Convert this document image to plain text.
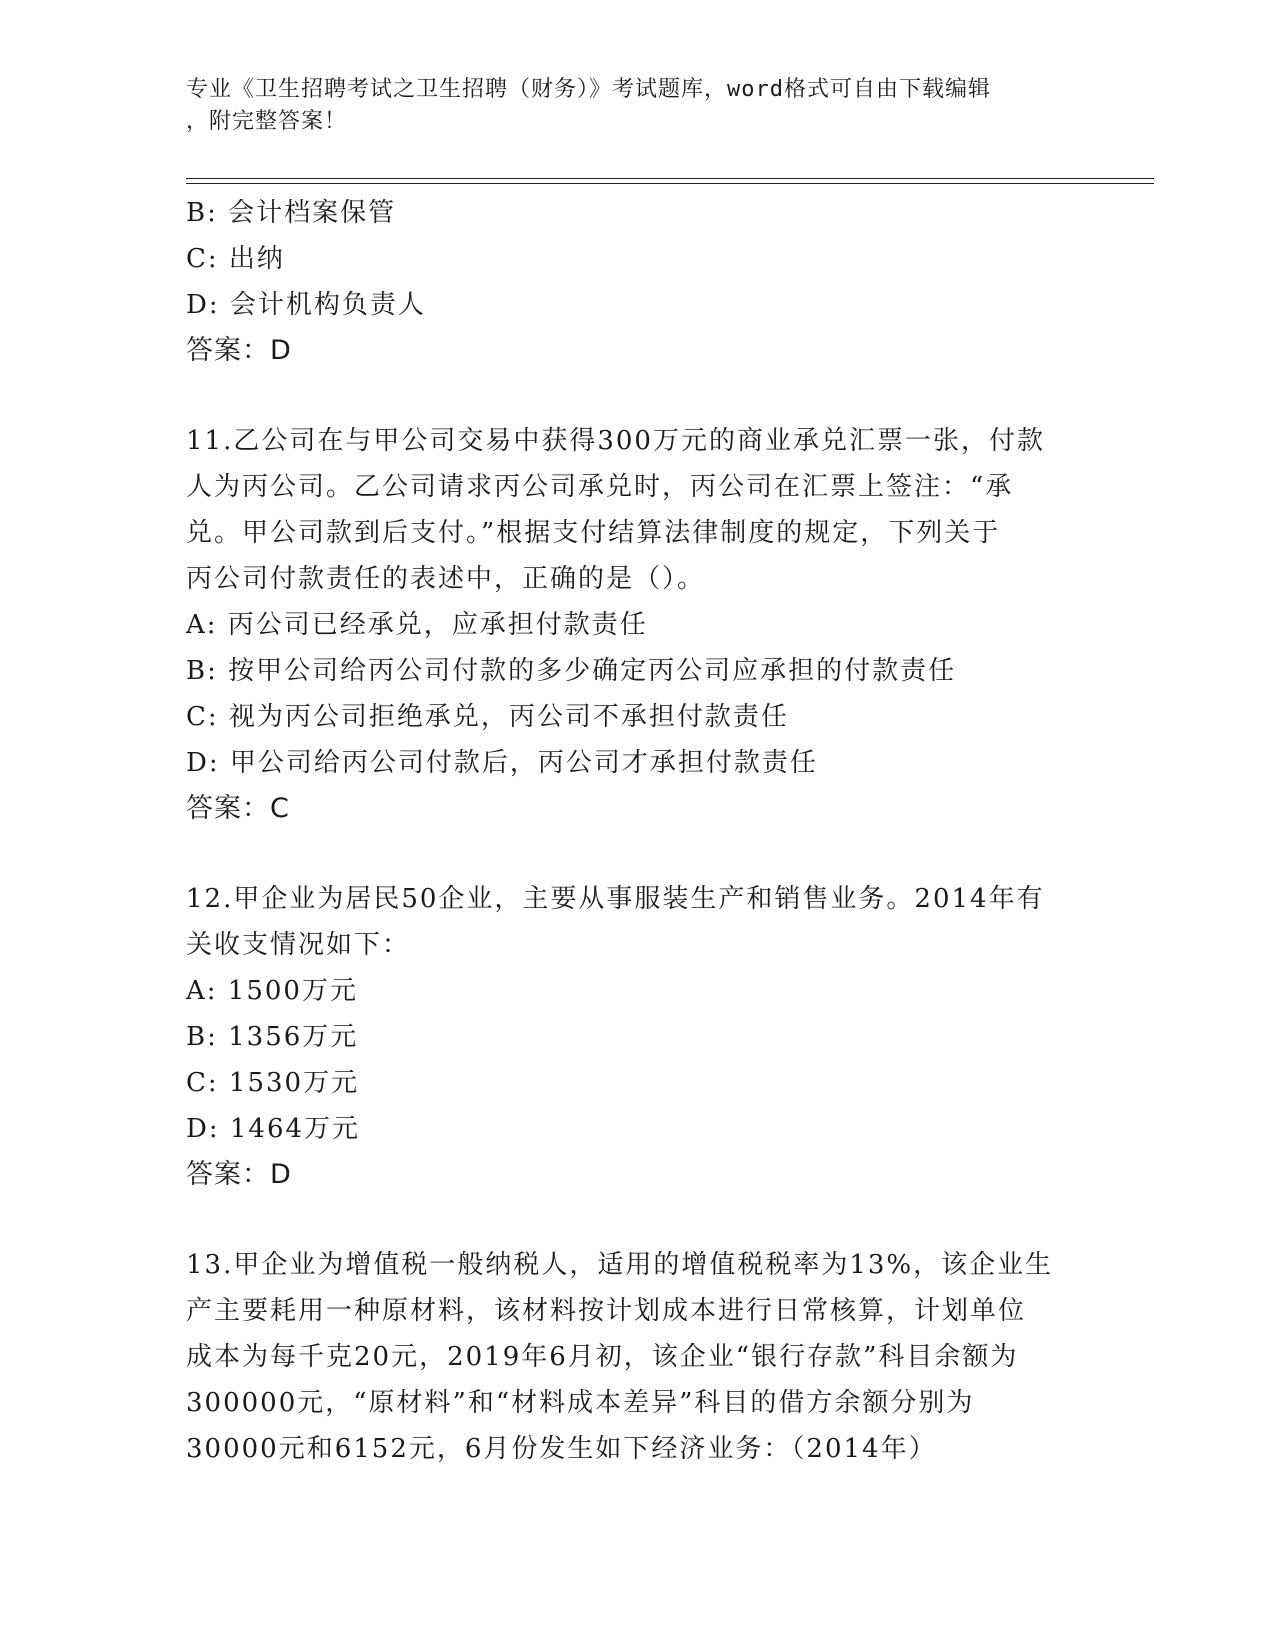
专业《卫生招聘考试之卫生招聘（财务）》考试题库，word格式可自由下载编辑
，附完整答案！
B: 会计档案保管
C: 出纳
D: 会计机构负责人
答案：D
11.乙公司在与甲公司交易中获得300万元的商业承兑汇票一张，付款
人为丙公司。乙公司请求丙公司承兑时，丙公司在汇票上签注：“承
兑。甲公司款到后支付。”根据支付结算法律制度的规定，下列关于
丙公司付款责任的表述中，正确的是（）。
A: 丙公司已经承兑，应承担付款责任
B: 按甲公司给丙公司付款的多少确定丙公司应承担的付款责任
C: 视为丙公司拒绝承兑，丙公司不承担付款责任
D: 甲公司给丙公司付款后，丙公司才承担付款责任
答案：C
12.甲企业为居民50企业，主要从事服装生产和销售业务。2014年有
关收支情况如下：
A: 1500万元
B: 1356万元
C: 1530万元
D: 1464万元
答案：D
13.甲企业为增值税一般纳税人，适用的增值税税率为13%，该企业生
产主要耗用一种原材料，该材料按计划成本进行日常核算，计划单位
成本为每千克20元，2019年6月初，该企业“银行存款”科目余额为
300000元，“原材料”和“材料成本差异”科目的借方余额分别为
30000元和6152元，6月份发生如下经济业务：（2014年）
